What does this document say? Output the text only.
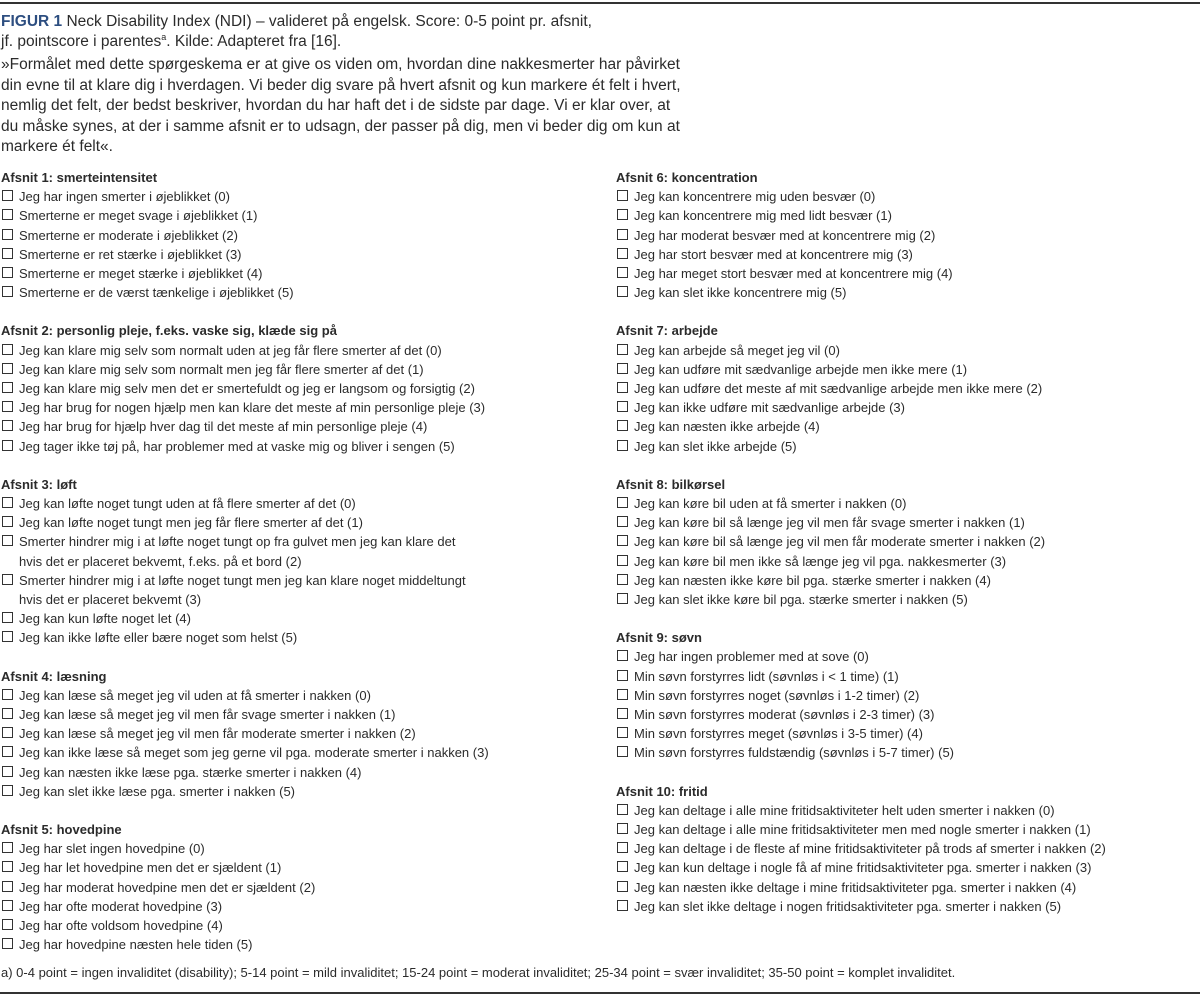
FIGUR 1 Neck Disability Index (NDI) – valideret på engelsk. Score: 0-5 point pr. afsnit,
jf. pointscore i parentes$^a$. Kilde: Adapteret fra [16].
»Formålet med dette spørgeskema er at give os viden om, hvordan dine nakkesmerter har påvirket din evne til at klare dig i hverdagen. Vi beder dig svare på hvert afsnit og kun markere ét felt i hvert, nemlig det felt, der bedst beskriver, hvordan du har haft det i de sidste par dage. Vi er klar over, at du måske synes, at der i samme afsnit er to udsagn, der passer på dig, men vi beder dig om kun at markere ét felt«.
Afsnit 1: smerteintensitet
Jeg har ingen smerter i øjeblikket (0)
Smerterne er meget svage i øjeblikket (1)
Smerterne er moderate i øjeblikket (2)
Smerterne er ret stærke i øjeblikket (3)
Smerterne er meget stærke i øjeblikket (4)
Smerterne er de værst tænkelige i øjeblikket (5)
Afsnit 2: personlig pleje, f.eks. vaske sig, klæde sig på
Jeg kan klare mig selv som normalt uden at jeg får flere smerter af det (0)
Jeg kan klare mig selv som normalt men jeg får flere smerter af det (1)
Jeg kan klare mig selv men det er smertefuldt og jeg er langsom og forsigtig (2)
Jeg har brug for nogen hjælp men kan klare det meste af min personlige pleje (3)
Jeg har brug for hjælp hver dag til det meste af min personlige pleje (4)
Jeg tager ikke tøj på, har problemer med at vaske mig og bliver i sengen (5)
Afsnit 3: løft
Jeg kan løfte noget tungt uden at få flere smerter af det (0)
Jeg kan løfte noget tungt men jeg får flere smerter af det (1)
Smerter hindrer mig i at løfte noget tungt op fra gulvet men jeg kan klare det
hvis det er placeret bekvemt, f.eks. på et bord (2)
Smerter hindrer mig i at løfte noget tungt men jeg kan klare noget middeltungt
hvis det er placeret bekvemt (3)
Jeg kan kun løfte noget let (4)
Jeg kan ikke løfte eller bære noget som helst (5)
Afsnit 4: læsning
Jeg kan læse så meget jeg vil uden at få smerter i nakken (0)
Jeg kan læse så meget jeg vil men får svage smerter i nakken (1)
Jeg kan læse så meget jeg vil men får moderate smerter i nakken (2)
Jeg kan ikke læse så meget som jeg gerne vil pga. moderate smerter i nakken (3)
Jeg kan næsten ikke læse pga. stærke smerter i nakken (4)
Jeg kan slet ikke læse pga. smerter i nakken (5)
Afsnit 5: hovedpine
Jeg har slet ingen hovedpine (0)
Jeg har let hovedpine men det er sjældent (1)
Jeg har moderat hovedpine men det er sjældent (2)
Jeg har ofte moderat hovedpine (3)
Jeg har ofte voldsom hovedpine (4)
Jeg har hovedpine næsten hele tiden (5)
Afsnit 6: koncentration
Jeg kan koncentrere mig uden besvær (0)
Jeg kan koncentrere mig med lidt besvær (1)
Jeg har moderat besvær med at koncentrere mig (2)
Jeg har stort besvær med at koncentrere mig (3)
Jeg har meget stort besvær med at koncentrere mig (4)
Jeg kan slet ikke koncentrere mig (5)
Afsnit 7: arbejde
Jeg kan arbejde så meget jeg vil (0)
Jeg kan udføre mit sædvanlige arbejde men ikke mere (1)
Jeg kan udføre det meste af mit sædvanlige arbejde men ikke mere (2)
Jeg kan ikke udføre mit sædvanlige arbejde (3)
Jeg kan næsten ikke arbejde (4)
Jeg kan slet ikke arbejde (5)
Afsnit 8: bilkørsel
Jeg kan køre bil uden at få smerter i nakken (0)
Jeg kan køre bil så længe jeg vil men får svage smerter i nakken (1)
Jeg kan køre bil så længe jeg vil men får moderate smerter i nakken (2)
Jeg kan køre bil men ikke så længe jeg vil pga. nakkesmerter (3)
Jeg kan næsten ikke køre bil pga. stærke smerter i nakken (4)
Jeg kan slet ikke køre bil pga. stærke smerter i nakken (5)
Afsnit 9: søvn
Jeg har ingen problemer med at sove (0)
Min søvn forstyrres lidt (søvnløs i < 1 time) (1)
Min søvn forstyrres noget (søvnløs i 1-2 timer) (2)
Min søvn forstyrres moderat (søvnløs i 2-3 timer) (3)
Min søvn forstyrres meget (søvnløs i 3-5 timer) (4)
Min søvn forstyrres fuldstændig (søvnløs i 5-7 timer) (5)
Afsnit 10: fritid
Jeg kan deltage i alle mine fritidsaktiviteter helt uden smerter i nakken (0)
Jeg kan deltage i alle mine fritidsaktiviteter men med nogle smerter i nakken (1)
Jeg kan deltage i de fleste af mine fritidsaktiviteter på trods af smerter i nakken (2)
Jeg kan kun deltage i nogle få af mine fritidsaktiviteter pga. smerter i nakken (3)
Jeg kan næsten ikke deltage i mine fritidsaktiviteter pga. smerter i nakken (4)
Jeg kan slet ikke deltage i nogen fritidsaktiviteter pga. smerter i nakken (5)
a) 0-4 point = ingen invaliditet (disability); 5-14 point = mild invaliditet; 15-24 point = moderat invaliditet; 25-34 point = svær invaliditet; 35-50 point = komplet invaliditet.
